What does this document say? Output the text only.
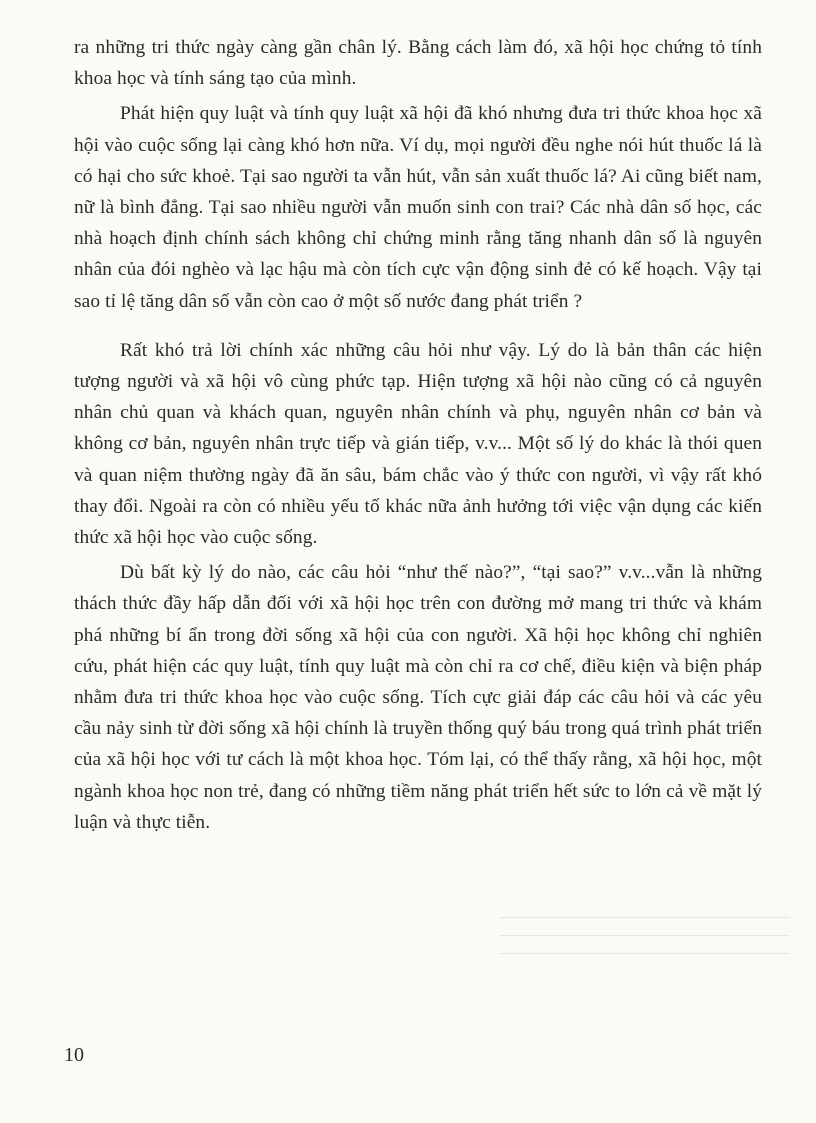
ra những tri thức ngày càng gần chân lý. Bằng cách làm đó, xã hội học chứng tỏ tính khoa học và tính sáng tạo của mình.

Phát hiện quy luật và tính quy luật xã hội đã khó nhưng đưa tri thức khoa học xã hội vào cuộc sống lại càng khó hơn nữa. Ví dụ, mọi người đều nghe nói hút thuốc lá là có hại cho sức khoẻ. Tại sao người ta vẫn hút, vẫn sản xuất thuốc lá? Ai cũng biết nam, nữ là bình đẳng. Tại sao nhiều người vẫn muốn sinh con trai? Các nhà dân số học, các nhà hoạch định chính sách không chỉ chứng minh rằng tăng nhanh dân số là nguyên nhân của đói nghèo và lạc hậu mà còn tích cực vận động sinh đẻ có kế hoạch. Vậy tại sao tỉ lệ tăng dân số vẫn còn cao ở một số nước đang phát triển ?

Rất khó trả lời chính xác những câu hỏi như vậy. Lý do là bản thân các hiện tượng người và xã hội vô cùng phức tạp. Hiện tượng xã hội nào cũng có cả nguyên nhân chủ quan và khách quan, nguyên nhân chính và phụ, nguyên nhân cơ bản và không cơ bản, nguyên nhân trực tiếp và gián tiếp, v.v... Một số lý do khác là thói quen và quan niệm thường ngày đã ăn sâu, bám chắc vào ý thức con người, vì vậy rất khó thay đổi. Ngoài ra còn có nhiều yếu tố khác nữa ảnh hưởng tới việc vận dụng các kiến thức xã hội học vào cuộc sống.

Dù bất kỳ lý do nào, các câu hỏi “như thế nào?”, “tại sao?” v.v...vẫn là những thách thức đầy hấp dẫn đối với xã hội học trên con đường mở mang tri thức và khám phá những bí ẩn trong đời sống xã hội của con người. Xã hội học không chỉ nghiên cứu, phát hiện các quy luật, tính quy luật mà còn chỉ ra cơ chế, điều kiện và biện pháp nhằm đưa tri thức khoa học vào cuộc sống. Tích cực giải đáp các câu hỏi và các yêu cầu nảy sinh từ đời sống xã hội chính là truyền thống quý báu trong quá trình phát triển của xã hội học với tư cách là một khoa học. Tóm lại, có thể thấy rằng, xã hội học, một ngành khoa học non trẻ, đang có những tiềm năng phát triển hết sức to lớn cả về mặt lý luận và thực tiễn.

10
